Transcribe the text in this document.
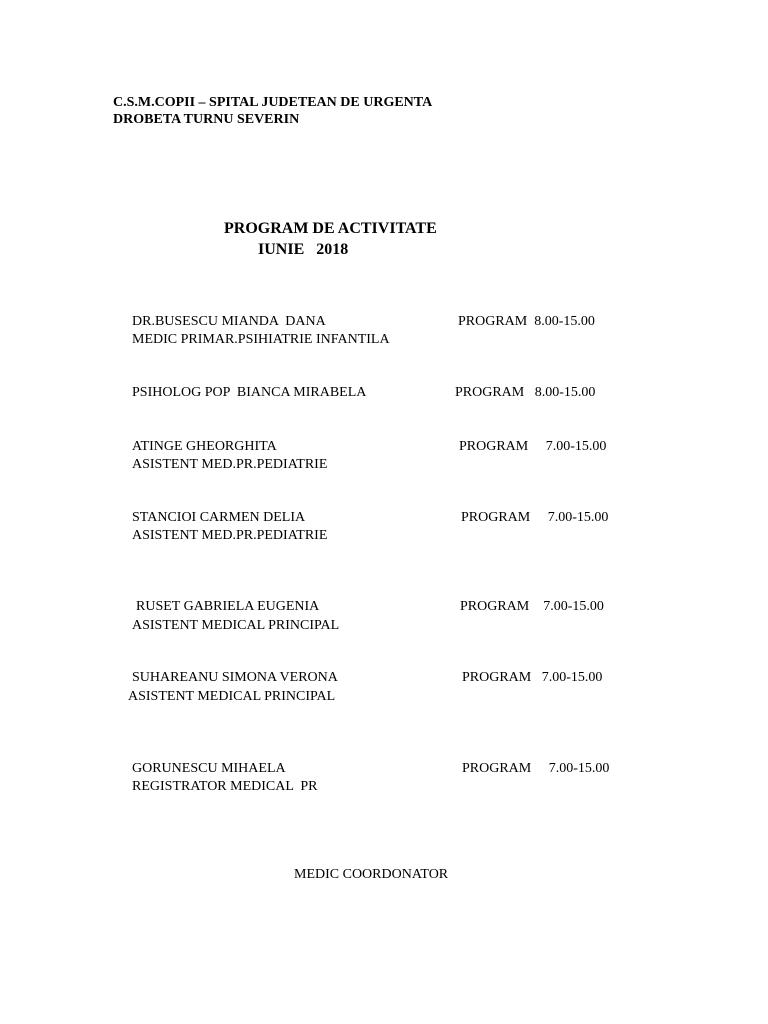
C.S.M.COPII – SPITAL JUDETEAN DE URGENTA

DROBETA TURNU SEVERIN

PROGRAM DE ACTIVITATE

IUNIE   2018

DR.BUSESCU MIANDA  DANA	PROGRAM  8.00-15.00

MEDIC PRIMAR.PSIHIATRIE INFANTILA

PSIHOLOG POP  BIANCA MIRABELA	PROGRAM   8.00-15.00

ATINGE GHEORGHITA	PROGRAM     7.00-15.00

ASISTENT MED.PR.PEDIATRIE

STANCIOI CARMEN DELIA	PROGRAM     7.00-15.00

ASISTENT MED.PR.PEDIATRIE

RUSET GABRIELA EUGENIA	PROGRAM    7.00-15.00

ASISTENT MEDICAL PRINCIPAL

SUHAREANU SIMONA VERONA	PROGRAM   7.00-15.00

ASISTENT MEDICAL PRINCIPAL

GORUNESCU MIHAELA	PROGRAM     7.00-15.00

REGISTRATOR MEDICAL  PR

MEDIC COORDONATOR
